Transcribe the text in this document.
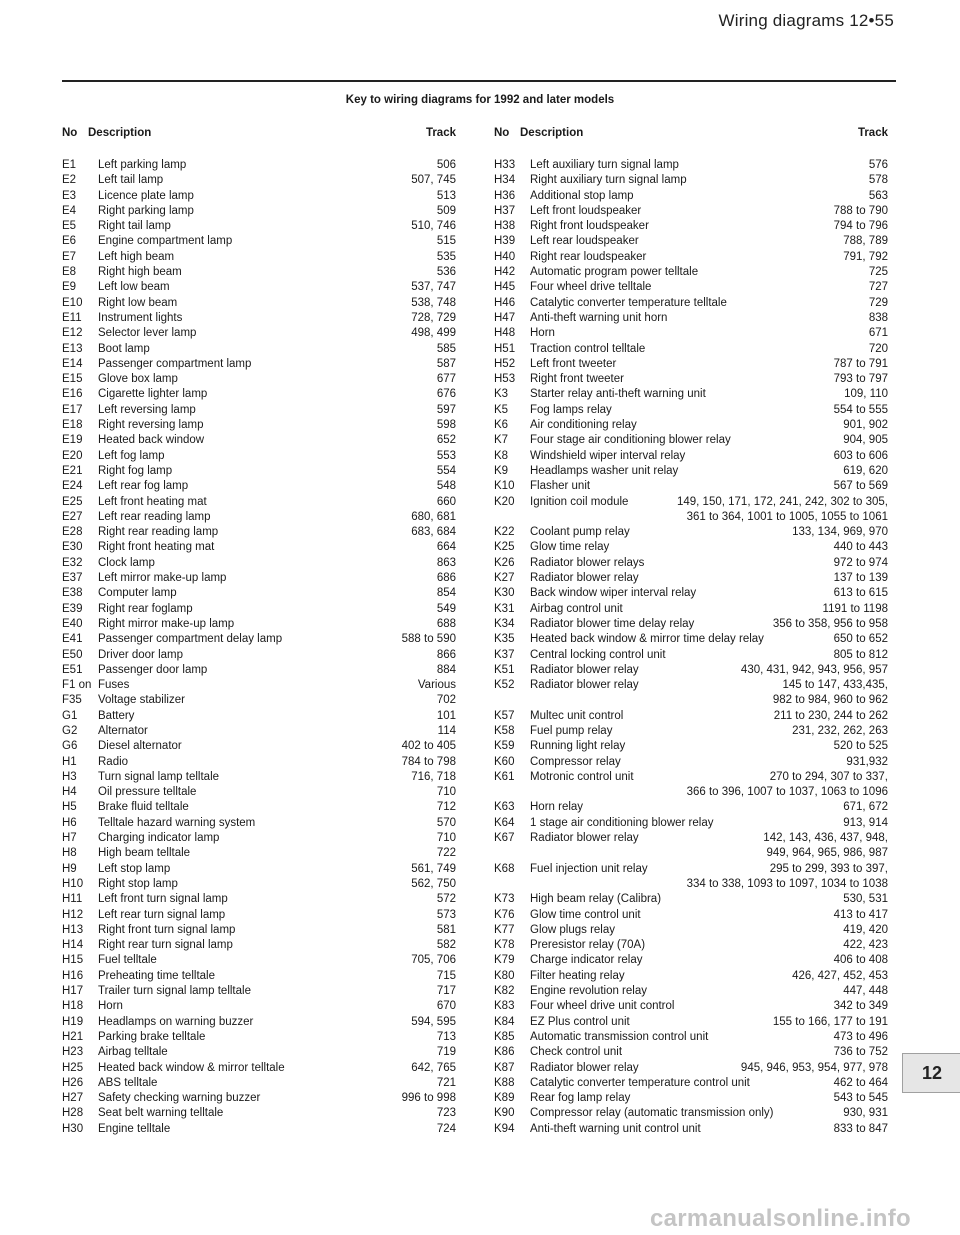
Wiring diagrams 12•55
Key to wiring diagrams for 1992 and later models
No Description	Track
E1	Left parking lamp	506
E2	Left tail lamp	507, 745
E3	Licence plate lamp	513
E4	Right parking lamp	509
E5	Right tail lamp	510, 746
E6	Engine compartment lamp	515
E7	Left high beam	535
E8	Right high beam	536
E9	Left low beam	537, 747
E10	Right low beam	538, 748
E11	Instrument lights	728, 729
E12	Selector lever lamp	498, 499
E13	Boot lamp	585
E14	Passenger compartment lamp	587
E15	Glove box lamp	677
E16	Cigarette lighter lamp	676
E17	Left reversing lamp	597
E18	Right reversing lamp	598
E19	Heated back window	652
E20	Left fog lamp	553
E21	Right fog lamp	554
E24	Left rear fog lamp	548
E25	Left front heating mat	660
E27	Left rear reading lamp	680, 681
E28	Right rear reading lamp	683, 684
E30	Right front heating mat	664
E32	Clock lamp	863
E37	Left mirror make-up lamp	686
E38	Computer lamp	854
E39	Right rear foglamp	549
E40	Right mirror make-up lamp	688
E41	Passenger compartment delay lamp	588 to 590
E50	Driver door lamp	866
E51	Passenger door lamp	884
F1 on Fuses	Various
F35	Voltage stabilizer	702
G1	Battery	101
G2	Alternator	114
G6	Diesel alternator	402 to 405
H1	Radio	784 to 798
H3	Turn signal lamp telltale	716, 718
H4	Oil pressure telltale	710
H5	Brake fluid telltale	712
H6	Telltale hazard warning system	570
H7	Charging indicator lamp	710
H8	High beam telltale	722
H9	Left stop lamp	561, 749
H10	Right stop lamp	562, 750
H11	Left front turn signal lamp	572
H12	Left rear turn signal lamp	573
H13	Right front turn signal lamp	581
H14	Right rear turn signal lamp	582
H15	Fuel telltale	705, 706
H16	Preheating time telltale	715
H17	Trailer turn signal lamp telltale	717
H18	Horn	670
H19	Headlamps on warning buzzer	594, 595
H21	Parking brake telltale	713
H23	Airbag telltale	719
H25	Heated back window & mirror telltale	642, 765
H26	ABS telltale	721
H27	Safety checking warning buzzer	996 to 998
H28	Seat belt warning telltale	723
H30	Engine telltale	724
No Description	Track
H33	Left auxiliary turn signal lamp	576
H34	Right auxiliary turn signal lamp	578
H36	Additional stop lamp	563
H37	Left front loudspeaker	788 to 790
H38	Right front loudspeaker	794 to 796
H39	Left rear loudspeaker	788, 789
H40	Right rear loudspeaker	791, 792
H42	Automatic program power telltale	725
H45	Four wheel drive telltale	727
H46	Catalytic converter temperature telltale	729
H47	Anti-theft warning unit horn	838
H48	Horn	671
H51	Traction control telltale	720
H52	Left front tweeter	787 to 791
H53	Right front tweeter	793 to 797
K3	Starter relay anti-theft warning unit	109, 110
K5	Fog lamps relay	554 to 555
K6	Air conditioning relay	901, 902
K7	Four stage air conditioning blower relay	904, 905
K8	Windshield wiper interval relay	603 to 606
K9	Headlamps washer unit relay	619, 620
K10	Flasher unit	567 to 569
K20	Ignition coil module	149, 150, 171, 172, 241, 242, 302 to 305,
361 to 364, 1001 to 1005, 1055 to 1061
K22	Coolant pump relay	133, 134, 969, 970
K25	Glow time relay	440 to 443
K26	Radiator blower relays	972 to 974
K27	Radiator blower relay	137 to 139
K30	Back window wiper interval relay	613 to 615
K31	Airbag control unit	1191 to 1198
K34	Radiator blower time delay relay	356 to 358, 956 to 958
K35	Heated back window & mirror time delay relay	650 to 652
K37	Central locking control unit	805 to 812
K51	Radiator blower relay	430, 431, 942, 943, 956, 957
K52	Radiator blower relay	145 to 147, 433,435,
982 to 984, 960 to 962
K57	Multec unit control	211 to 230, 244 to 262
K58	Fuel pump relay	231, 232, 262, 263
K59	Running light relay	520 to 525
K60	Compressor relay	931,932
K61	Motronic control unit	270 to 294, 307 to 337,
366 to 396, 1007 to 1037, 1063 to 1096
K63	Horn relay	671, 672
K64	1 stage air conditioning blower relay	913, 914
K67	Radiator blower relay	142, 143, 436, 437, 948,
949, 964, 965, 986, 987
K68	Fuel injection unit relay	295 to 299, 393 to 397,
334 to 338, 1093 to 1097, 1034 to 1038
K73	High beam relay (Calibra)	530, 531
K76	Glow time control unit	413 to 417
K77	Glow plugs relay	419, 420
K78	Preresistor relay (70A)	422, 423
K79	Charge indicator relay	406 to 408
K80	Filter heating relay	426, 427, 452, 453
K82	Engine revolution relay	447, 448
K83	Four wheel drive unit control	342 to 349
K84	EZ Plus control unit	155 to 166, 177 to 191
K85	Automatic transmission control unit	473 to 496
K86	Check control unit	736 to 752
K87	Radiator blower relay	945, 946, 953, 954, 977, 978
K88	Catalytic converter temperature control unit	462 to 464
K89	Rear fog lamp relay	543 to 545
K90	Compressor relay (automatic transmission only)	930, 931
K94	Anti-theft warning unit control unit	833 to 847
12
carmanualsonline.info
